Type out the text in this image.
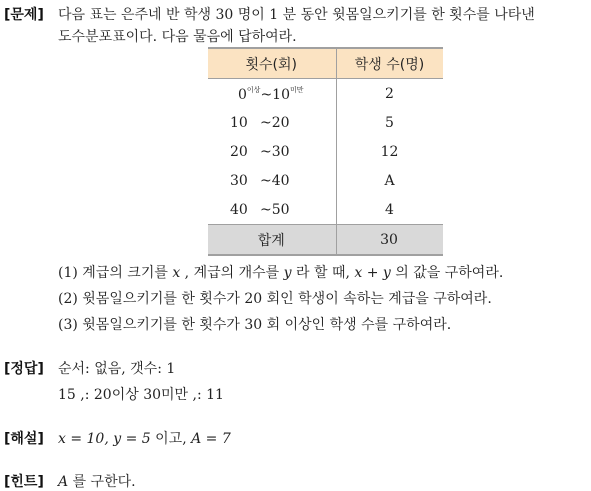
[문제] 다음 표는 은주네 반 학생 30 명이 1 분 동안 윗몸일으키기를 한 횟수를 나타낸
도수분포표이다. 다음 물음에 답하여라.
횟수(회)	학생 수(명)
$0^{이상}\sim 10^{미만}$	2
10 ~20	5
20 ~30	12
30 ~40	A
40 ~50	4
합계	30
(1) 계급의 크기를 x , 계급의 개수를 y 라 할 때, x + y 의 값을 구하여라.
(2) 윗몸일으키기를 한 횟수가 20 회인 학생이 속하는 계급을 구하여라.
(3) 윗몸일으키기를 한 횟수가 30 회 이상인 학생 수를 구하여라.
[정답] 순서: 없음, 갯수: 1
15 ,: 20이상 30미만 ,: 11
[해설] x = 10, y = 5 이고, A = 7
[힌트] A 를 구한다.
